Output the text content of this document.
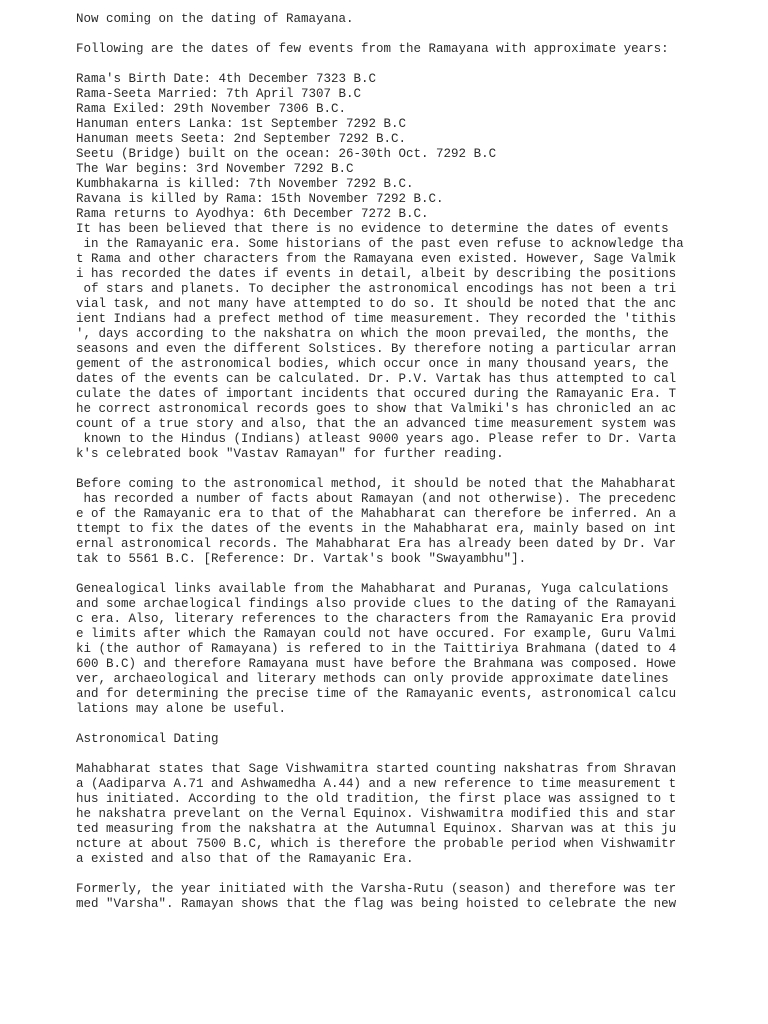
Now coming on the dating of Ramayana.
Following are the dates of few events from the Ramayana with approximate years:
Rama's Birth Date: 4th December 7323 B.C
Rama-Seeta Married: 7th April 7307 B.C
Rama Exiled: 29th November 7306 B.C.
Hanuman enters Lanka: 1st September 7292 B.C
Hanuman meets Seeta: 2nd September 7292 B.C.
Seetu (Bridge) built on the ocean: 26-30th Oct. 7292 B.C
The War begins: 3rd November 7292 B.C
Kumbhakarna is killed: 7th November 7292 B.C.
Ravana is killed by Rama: 15th November 7292 B.C.
Rama returns to Ayodhya: 6th December 7272 B.C.
It has been believed that there is no evidence to determine the dates of events
in the Ramayanic era. Some historians of the past even refuse to acknowledge tha
t Rama and other characters from the Ramayana even existed. However, Sage Valmik
i has recorded the dates if events in detail, albeit by describing the positions
of stars and planets. To decipher the astronomical encodings has not been a tri
vial task, and not many have attempted to do so. It should be noted that the anc
ient Indians had a prefect method of time measurement. They recorded the 'tithis
', days according to the nakshatra on which the moon prevailed, the months, the
seasons and even the different Solstices. By therefore noting a particular arran
gement of the astronomical bodies, which occur once in many thousand years, the
dates of the events can be calculated. Dr. P.V. Vartak has thus attempted to cal
culate the dates of important incidents that occured during the Ramayanic Era. T
he correct astronomical records goes to show that Valmiki's has chronicled an ac
count of a true story and also, that the an advanced time measurement system was
known to the Hindus (Indians) atleast 9000 years ago. Please refer to Dr. Varta
k's celebrated book "Vastav Ramayan" for further reading.
Before coming to the astronomical method, it should be noted that the Mahabharat
has recorded a number of facts about Ramayan (and not otherwise). The precedenc
e of the Ramayanic era to that of the Mahabharat can therefore be inferred. An a
ttempt to fix the dates of the events in the Mahabharat era, mainly based on int
ernal astronomical records. The Mahabharat Era has already been dated by Dr. Var
tak to 5561 B.C. [Reference: Dr. Vartak's book "Swayambhu"].
Genealogical links available from the Mahabharat and Puranas, Yuga calculations
and some archaelogical findings also provide clues to the dating of the Ramayani
c era. Also, literary references to the characters from the Ramayanic Era provid
e limits after which the Ramayan could not have occured. For example, Guru Valmi
ki (the author of Ramayana) is refered to in the Taittiriya Brahmana (dated to 4
600 B.C) and therefore Ramayana must have before the Brahmana was composed. Howe
ver, archaeological and literary methods can only provide approximate datelines
and for determining the precise time of the Ramayanic events, astronomical calcu
lations may alone be useful.
Astronomical Dating
Mahabharat states that Sage Vishwamitra started counting nakshatras from Shravan
a (Aadiparva A.71 and Ashwamedha A.44) and a new reference to time measurement t
hus initiated. According to the old tradition, the first place was assigned to t
he nakshatra prevelant on the Vernal Equinox. Vishwamitra modified this and star
ted measuring from the nakshatra at the Autumnal Equinox. Sharvan was at this ju
ncture at about 7500 B.C, which is therefore the probable period when Vishwamitr
a existed and also that of the Ramayanic Era.
Formerly, the year initiated with the Varsha-Rutu (season) and therefore was ter
med "Varsha". Ramayan shows that the flag was being hoisted to celebrate the new
